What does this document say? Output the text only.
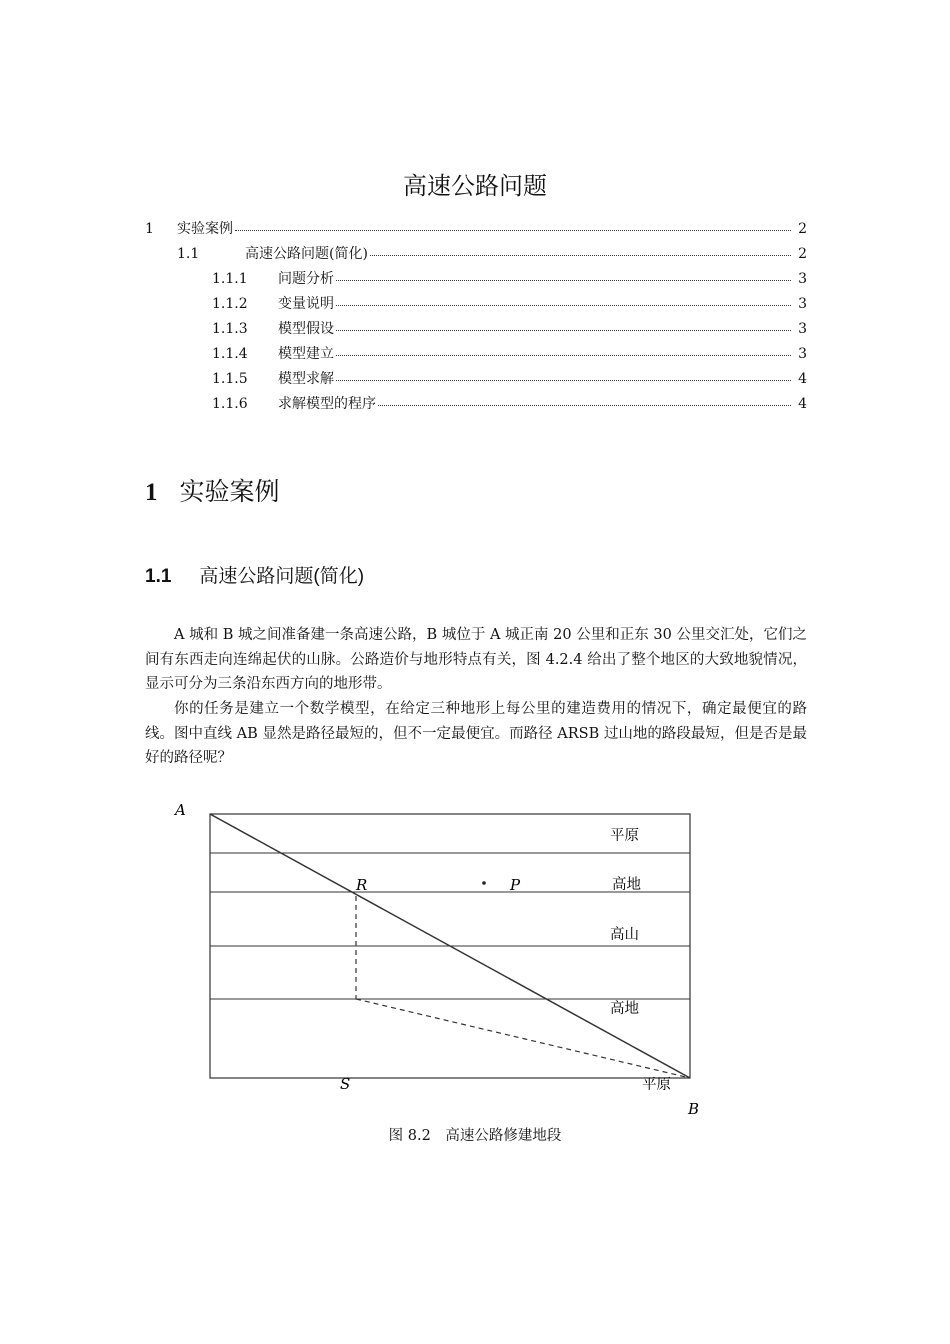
高速公路问题
1	实验案例	2
1.1	高速公路问题(简化)	2
1.1.1	问题分析	3
1.1.2	变量说明	3
1.1.3	模型假设	3
1.1.4	模型建立	3
1.1.5	模型求解	4
1.1.6	求解模型的程序	4
1 实验案例
1.1 高速公路问题(简化)

A 城和 B 城之间准备建一条高速公路，B 城位于 A 城正南 20 公里和正东 30 公里交汇处，它们之间有东西走向连绵起伏的山脉。公路造价与地形特点有关，图 4.2.4 给出了整个地区的大致地貌情况，显示可分为三条沿东西方向的地形带。

你的任务是建立一个数学模型，在给定三种地形上每公里的建造费用的情况下，确定最便宜的路线。图中直线 AB 显然是路径最短的，但不一定最便宜。而路径 ARSB 过山地的路段最短，但是否是最好的路径呢？

A
B
R
S
P
平原
高地
高山
高地
平原
图 8.2　高速公路修建地段
